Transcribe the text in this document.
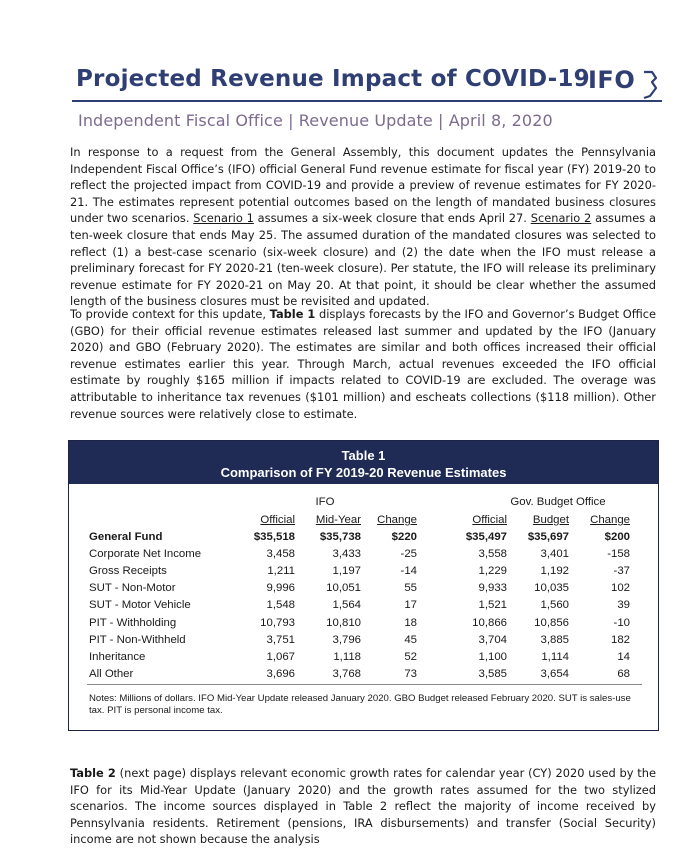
Projected Revenue Impact of COVID-19
IFO
Independent Fiscal Office | Revenue Update | April 8, 2020

In response to a request from the General Assembly, this document updates the Pennsylvania Independent Fiscal Office’s (IFO) official General Fund revenue estimate for fiscal year (FY) 2019-20 to reflect the projected impact from COVID-19 and provide a preview of revenue estimates for FY 2020-21. The estimates represent potential outcomes based on the length of mandated business closures under two scenarios. Scenario 1 assumes a six-week closure that ends April 27. Scenario 2 assumes a ten-week closure that ends May 25. The assumed duration of the mandated closures was selected to reflect (1) a best-case scenario (six-week closure) and (2) the date when the IFO must release a preliminary forecast for FY 2020-21 (ten-week closure). Per statute, the IFO will release its preliminary revenue estimate for FY 2020-21 on May 20. At that point, it should be clear whether the assumed length of the business closures must be revisited and updated.

To provide context for this update, Table 1 displays forecasts by the IFO and Governor’s Budget Office (GBO) for their official revenue estimates released last summer and updated by the IFO (January 2020) and GBO (February 2020). The estimates are similar and both offices increased their official revenue estimates earlier this year. Through March, actual revenues exceeded the IFO official estimate by roughly $165 million if impacts related to COVID-19 are excluded. The overage was attributable to inheritance tax revenues ($101 million) and escheats collections ($118 million). Other revenue sources were relatively close to estimate.

Table 1
Comparison of FY 2019-20 Revenue Estimates
IFO	Gov. Budget Office
Official	Mid-Year	Change	Official	Budget	Change
General Fund	$35,518	$35,738	$220	$35,497	$35,697	$200
Corporate Net Income	3,458	3,433	-25	3,558	3,401	-158
Gross Receipts	1,211	1,197	-14	1,229	1,192	-37
SUT - Non-Motor	9,996	10,051	55	9,933	10,035	102
SUT - Motor Vehicle	1,548	1,564	17	1,521	1,560	39
PIT - Withholding	10,793	10,810	18	10,866	10,856	-10
PIT - Non-Withheld	3,751	3,796	45	3,704	3,885	182
Inheritance	1,067	1,118	52	1,100	1,114	14
All Other	3,696	3,768	73	3,585	3,654	68
Notes: Millions of dollars. IFO Mid-Year Update released January 2020. GBO Budget released February 2020. SUT is sales-use tax. PIT is personal income tax.

Table 2 (next page) displays relevant economic growth rates for calendar year (CY) 2020 used by the IFO for its Mid-Year Update (January 2020) and the growth rates assumed for the two stylized scenarios. The income sources displayed in Table 2 reflect the majority of income received by Pennsylvania residents. Retirement (pensions, IRA disbursements) and transfer (Social Security) income are not shown because the analysis
